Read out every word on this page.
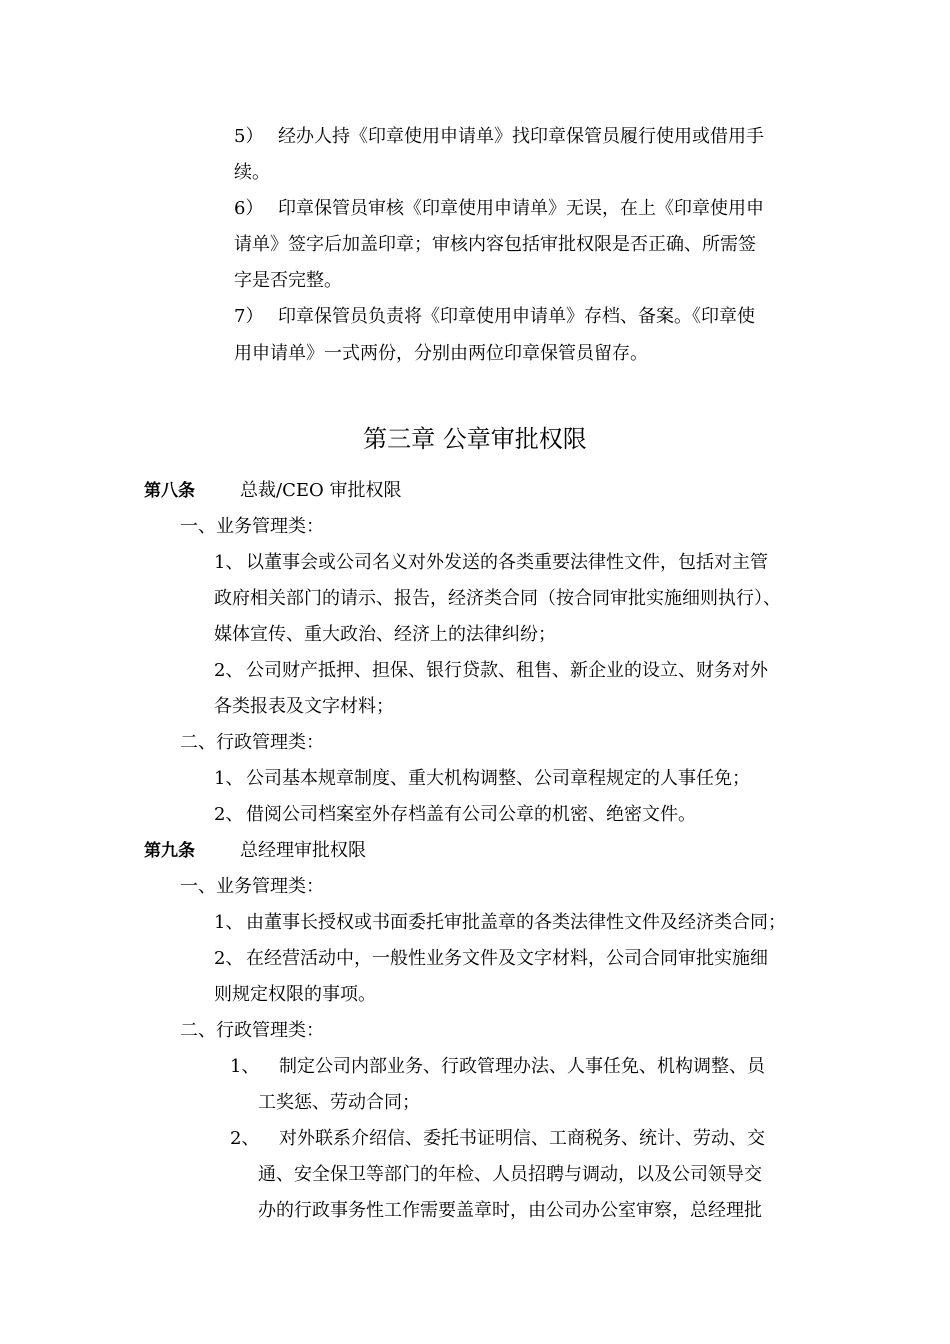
5） 经办人持《印章使用申请单》找印章保管员履行使用或借用手
续。
6） 印章保管员审核《印章使用申请单》无误，在上《印章使用申
请单》签字后加盖印章；审核内容包括审批权限是否正确、所需签
字是否完整。
7） 印章保管员负责将《印章使用申请单》存档、备案。《印章使
用申请单》一式两份，分别由两位印章保管员留存。
第三章 公章审批权限
第八条	总裁/CEO 审批权限
一、业务管理类：
1、 以董事会或公司名义对外发送的各类重要法律性文件，包括对主管
政府相关部门的请示、报告，经济类合同（按合同审批实施细则执行）、
媒体宣传、重大政治、经济上的法律纠纷；
2、 公司财产抵押、担保、银行贷款、租售、新企业的设立、财务对外
各类报表及文字材料；
二、行政管理类：
1、 公司基本规章制度、重大机构调整、公司章程规定的人事任免；
2、 借阅公司档案室外存档盖有公司公章的机密、绝密文件。
第九条	总经理审批权限
一、业务管理类：
1、 由董事长授权或书面委托审批盖章的各类法律性文件及经济类合同；
2、 在经营活动中，一般性业务文件及文字材料，公司合同审批实施细
则规定权限的事项。
二、行政管理类：
1、 制定公司内部业务、行政管理办法、人事任免、机构调整、员
工奖惩、劳动合同；
2、 对外联系介绍信、委托书证明信、工商税务、统计、劳动、交
通、安全保卫等部门的年检、人员招聘与调动，以及公司领导交
办的行政事务性工作需要盖章时，由公司办公室审察，总经理批
